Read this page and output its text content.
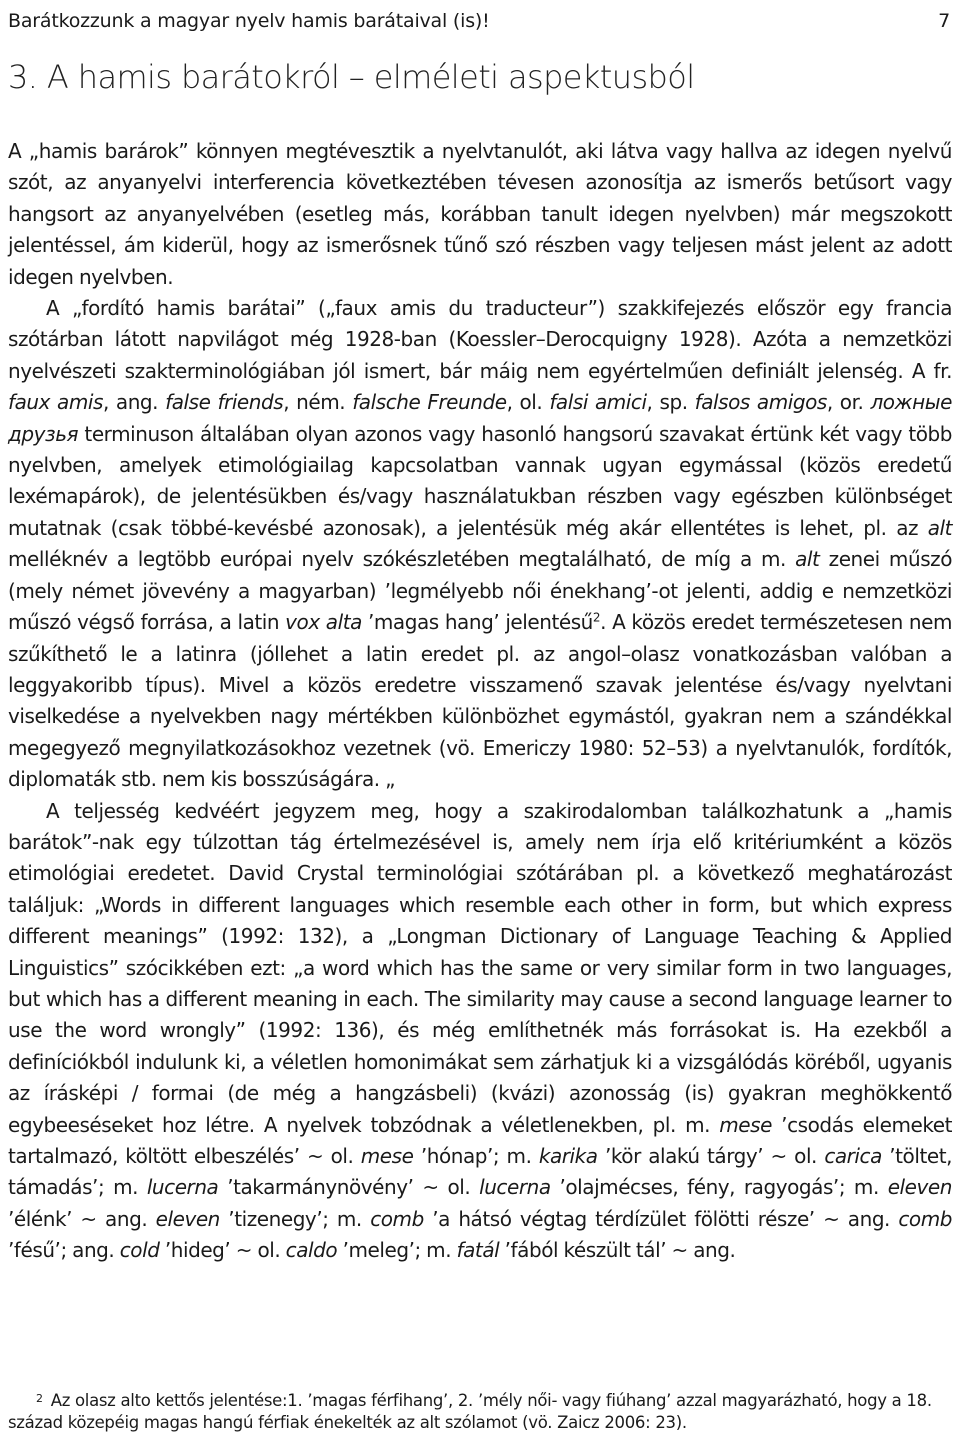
Barátkozzunk a magyar nyelv hamis barátaival (is)!	7
3. A hamis barátokról – elméleti aspektusból

A „hamis barárok” könnyen megtévesztik a nyelvtanulót, aki látva vagy hallva az idegen nyelvű szót, az anyanyelvi interferencia következtében tévesen azonosítja az ismerős betűsort vagy hangsort az anyanyelvében (esetleg más, korábban tanult idegen nyelvben) már megszokott jelentéssel, ám kiderül, hogy az ismerősnek tűnő szó részben vagy teljesen mást jelent az adott idegen nyelvben.

A „fordító hamis barátai” („faux amis du traducteur”) szakkifejezés először egy francia szótárban látott napvilágot még 1928-ban (Koessler–Derocquigny 1928). Azóta a nemzetközi nyelvészeti szakterminológiában jól ismert, bár máig nem egyértelműen definiált jelenség. A fr. faux amis, ang. false friends, ném. falsche Freunde, ol. falsi amici, sp. falsos amigos, or. ложные друзья terminuson általában olyan azonos vagy hasonló hangsorú szavakat értünk két vagy több nyelvben, amelyek etimológiailag kapcsolatban vannak ugyan egymással (közös eredetű lexémapárok), de jelentésükben és/vagy használatukban részben vagy egészben különbséget mutatnak (csak többé-kevésbé azonosak), a jelentésük még akár ellentétes is lehet, pl. az alt melléknév a legtöbb európai nyelv szókészletében megtalálható, de míg a m. alt zenei műszó (mely német jövevény a magyarban) ’legmélyebb női énekhang’-ot jelenti, addig e nemzetközi műszó végső forrása, a latin vox alta ’magas hang’ jelentésű$^2$. A közös eredet természetesen nem szűkíthető le a latinra (jóllehet a latin eredet pl. az angol–olasz vonatkozásban valóban a leggyakoribb típus). Mivel a közös eredetre visszamenő szavak jelentése és/vagy nyelvtani viselkedése a nyelvekben nagy mértékben különbözhet egymástól, gyakran nem a szándékkal megegyező megnyilatkozásokhoz vezetnek (vö. Emericzy 1980: 52–53) a nyelvtanulók, fordítók, diplomaták stb. nem kis bosszúságára. „

A teljesség kedvéért jegyzem meg, hogy a szakirodalomban találkozhatunk a „hamis barátok”-nak egy túlzottan tág értelmezésével is, amely nem írja elő kritériumként a közös etimológiai eredetet. David Crystal terminológiai szótárában pl. a következő meghatározást találjuk: „Words in different languages which resemble each other in form, but which express different meanings” (1992: 132), a „Longman Dictionary of Language Teaching & Applied Linguistics” szócikkében ezt: „a word which has the same or very similar form in two languages, but which has a different meaning in each. The similarity may cause a second language learner to use the word wrongly” (1992: 136), és még említhetnék más forrásokat is. Ha ezekből a definíciókból indulunk ki, a véletlen homonimákat sem zárhatjuk ki a vizsgálódás köréből, ugyanis az írásképi / formai (de még a hangzásbeli) (kvázi) azonosság (is) gyakran meghökkentő egybeeséseket hoz létre. A nyelvek tobzódnak a véletlenekben, pl. m. mese ’csodás elemeket tartalmazó, költött elbeszélés’ ~ ol. mese ’hónap’; m. karika ’kör alakú tárgy’ ~ ol. carica ’töltet, támadás’; m. lucerna ’takarmánynövény’ ~ ol. lucerna ’olajmécses, fény, ragyogás’; m. eleven ’élénk’ ~ ang. eleven ’tizenegy’; m. comb ’a hátsó végtag térdízület fölötti része’ ~ ang. comb ’fésű’; ang. cold ’hideg’ ~ ol. caldo ’meleg’; m. fatál ’fából készült tál’ ~ ang.

$^2$ Az olasz alto kettős jelentése:1. ’magas férfihang’, 2. ’mély női- vagy fiúhang’ azzal magyarázható, hogy a 18. század közepéig magas hangú férfiak énekelték az alt szólamot (vö. Zaicz 2006: 23).
